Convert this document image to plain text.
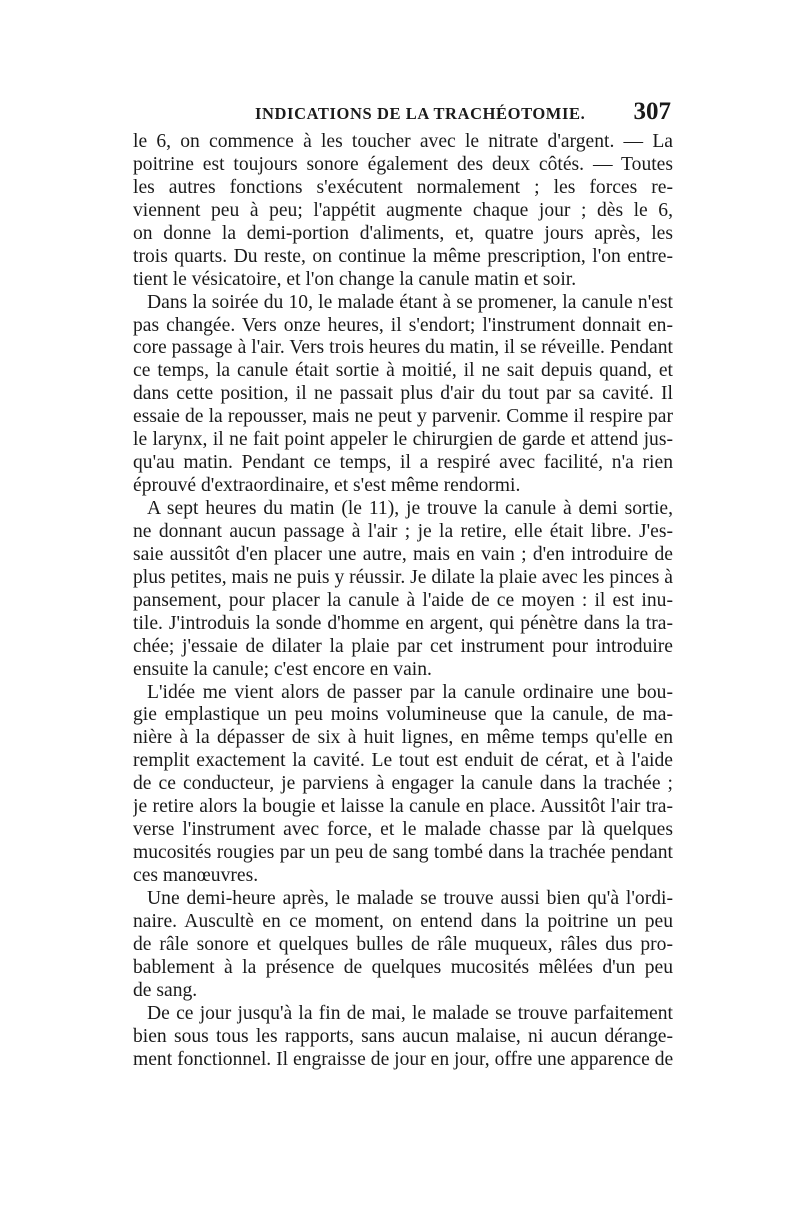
INDICATIONS DE LA TRACHÉOTOMIE. 307

le 6, on commence à les toucher avec le nitrate d'argent. — La
poitrine est toujours sonore également des deux côtés. — Toutes
les autres fonctions s'exécutent normalement ; les forces re-
viennent peu à peu; l'appétit augmente chaque jour ; dès le 6,
on donne la demi-portion d'aliments, et, quatre jours après, les
trois quarts. Du reste, on continue la même prescription, l'on entre-
tient le vésicatoire, et l'on change la canule matin et soir.

Dans la soirée du 10, le malade étant à se promener, la canule n'est
pas changée. Vers onze heures, il s'endort; l'instrument donnait en-
core passage à l'air. Vers trois heures du matin, il se réveille. Pendant
ce temps, la canule était sortie à moitié, il ne sait depuis quand, et
dans cette position, il ne passait plus d'air du tout par sa cavité. Il
essaie de la repousser, mais ne peut y parvenir. Comme il respire par
le larynx, il ne fait point appeler le chirurgien de garde et attend jus-
qu'au matin. Pendant ce temps, il a respiré avec facilité, n'a rien
éprouvé d'extraordinaire, et s'est même rendormi.

A sept heures du matin (le 11), je trouve la canule à demi sortie,
ne donnant aucun passage à l'air ; je la retire, elle était libre. J'es-
saie aussitôt d'en placer une autre, mais en vain ; d'en introduire de
plus petites, mais ne puis y réussir. Je dilate la plaie avec les pinces à
pansement, pour placer la canule à l'aide de ce moyen : il est inu-
tile. J'introduis la sonde d'homme en argent, qui pénètre dans la tra-
chée; j'essaie de dilater la plaie par cet instrument pour introduire
ensuite la canule; c'est encore en vain.

L'idée me vient alors de passer par la canule ordinaire une bou-
gie emplastique un peu moins volumineuse que la canule, de ma-
nière à la dépasser de six à huit lignes, en même temps qu'elle en
remplit exactement la cavité. Le tout est enduit de cérat, et à l'aide
de ce conducteur, je parviens à engager la canule dans la trachée ;
je retire alors la bougie et laisse la canule en place. Aussitôt l'air tra-
verse l'instrument avec force, et le malade chasse par là quelques
mucosités rougies par un peu de sang tombé dans la trachée pendant
ces manœuvres.

Une demi-heure après, le malade se trouve aussi bien qu'à l'ordi-
naire. Auscultè en ce moment, on entend dans la poitrine un peu
de râle sonore et quelques bulles de râle muqueux, râles dus pro-
bablement à la présence de quelques mucosités mêlées d'un peu
de sang.

De ce jour jusqu'à la fin de mai, le malade se trouve parfaitement
bien sous tous les rapports, sans aucun malaise, ni aucun dérange-
ment fonctionnel. Il engraisse de jour en jour, offre une apparence de
